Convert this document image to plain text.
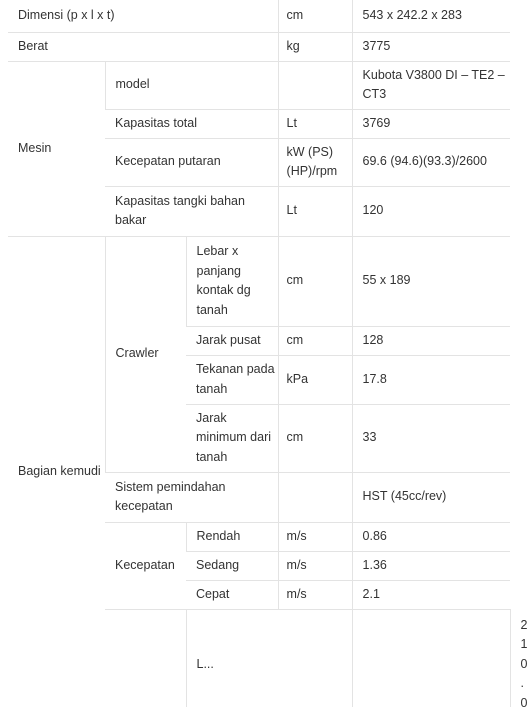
Dimensi (p x l x t)			cm	543 x 242.2 x 283	
Berat			kg	3775	
Mesin	model			Kubota V3800 DI – TE2 – CT3	
	Kapasitas total		Lt	3769	
	Kecepatan putaran		kW (PS)(HP)/rpm	69.6 (94.6)(93.3)/2600	
	Kapasitas tangki bahan bakar		Lt	120	
Bagian kemudi	Crawler	Lebar x panjang kontak dg tanah	cm	55 x 189	
		Jarak pusat	cm	128	
		Tekanan pada tanah	kPa	17.8	
		Jarak minimum dari tanah	cm	33	
	Sistem pemindahan kecepatan			HST (45cc/rev)	
	Kecepatan	Rendah	m/s	0.86	
		Sedang	m/s	1.36	
		Cepat	m/s	2.1	
		L...			210.0
